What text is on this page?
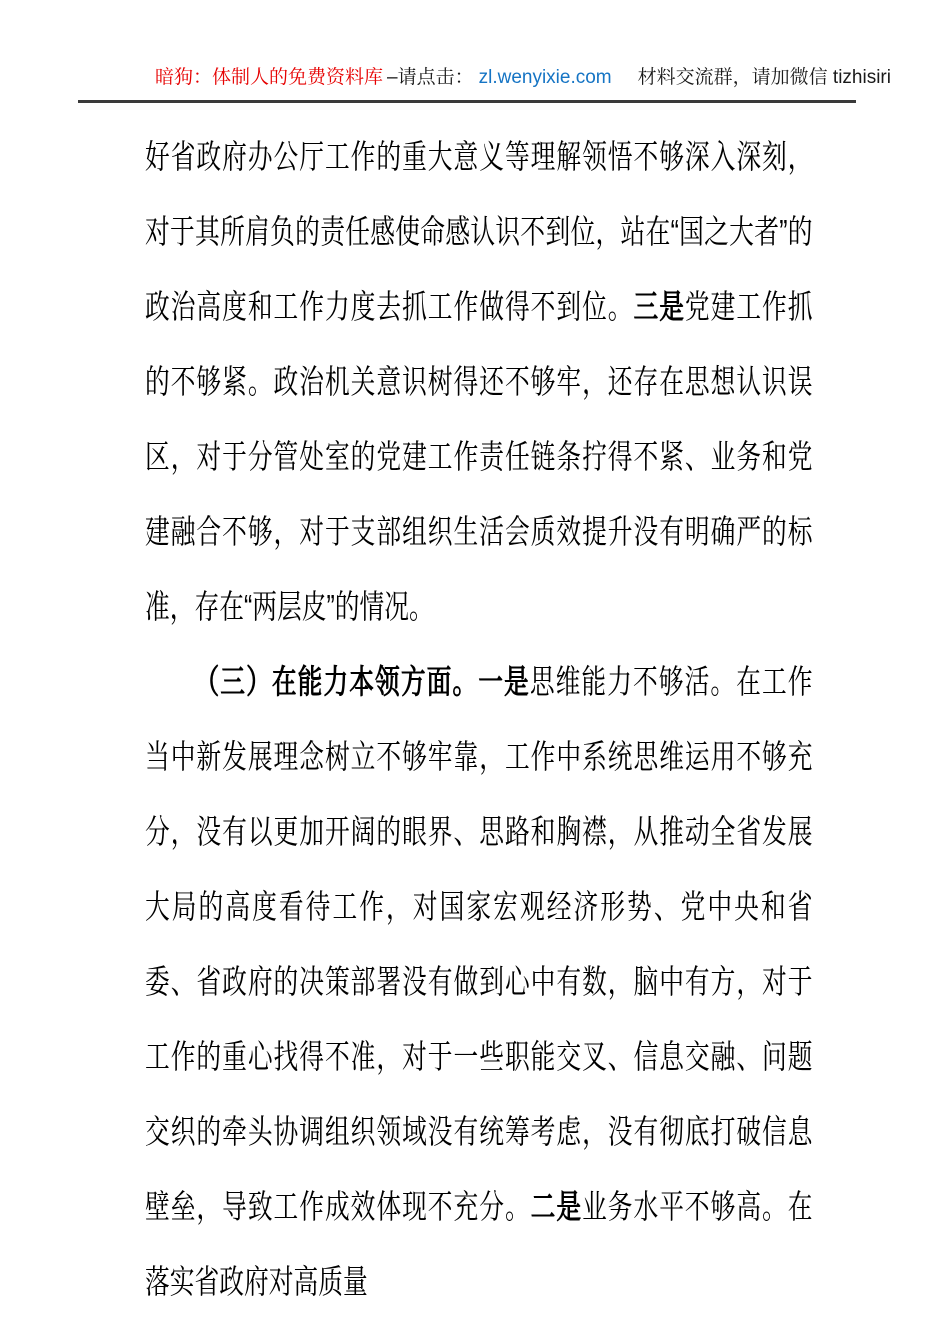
暗狗：体制人的免费资料库 –请点击： zl.wenyixie.com 材料交流群，请加微信 tizhisiri

好省政府办公厅工作的重大意义等理解领悟不够深入深刻，对于其所肩负的责任感使命感认识不到位，站在“国之大者”的政治高度和工作力度去抓工作做得不到位。三是党建工作抓的不够紧。政治机关意识树得还不够牢，还存在思想认识误区，对于分管处室的党建工作责任链条拧得不紧、业务和党建融合不够，对于支部组织生活会质效提升没有明确严的标准，存在“两层皮”的情况。

（三）在能力本领方面。一是思维能力不够活。在工作当中新发展理念树立不够牢靠，工作中系统思维运用不够充分，没有以更加开阔的眼界、思路和胸襟，从推动全省发展大局的高度看待工作，对国家宏观经济形势、党中央和省委、省政府的决策部署没有做到心中有数，脑中有方，对于工作的重心找得不准，对于一些职能交叉、信息交融、问题交织的牵头协调组织领域没有统筹考虑，没有彻底打破信息壁垒，导致工作成效体现不充分。二是业务水平不够高。在落实省政府对高质量
